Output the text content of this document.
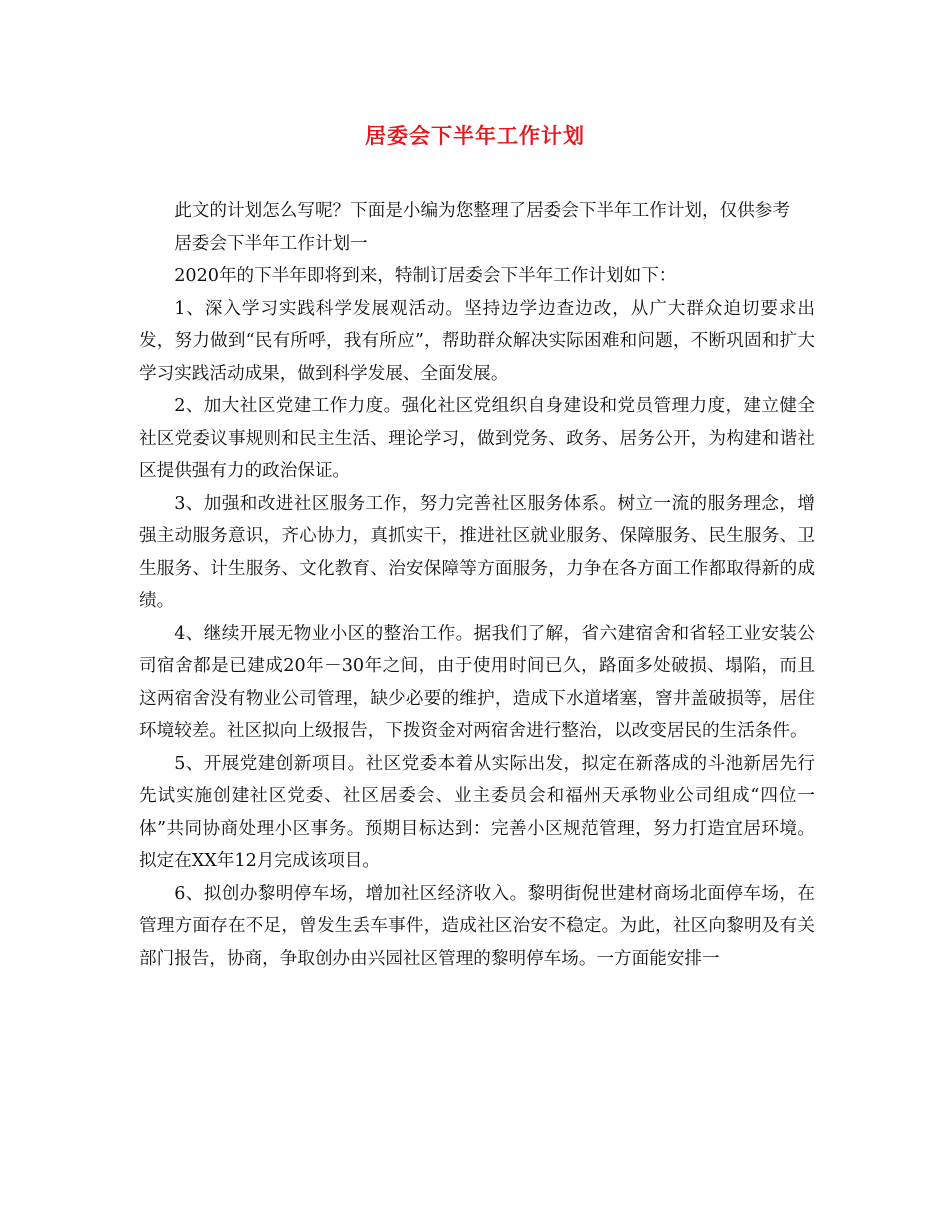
居委会下半年工作计划

此文的计划怎么写呢？下面是小编为您整理了居委会下半年工作计划，仅供参考

居委会下半年工作计划一

2020年的下半年即将到来，特制订居委会下半年工作计划如下：

1、深入学习实践科学发展观活动。坚持边学边查边改，从广大群众迫切要求出发，努力做到“民有所呼，我有所应”，帮助群众解决实际困难和问题，不断巩固和扩大学习实践活动成果，做到科学发展、全面发展。

2、加大社区党建工作力度。强化社区党组织自身建设和党员管理力度，建立健全社区党委议事规则和民主生活、理论学习，做到党务、政务、居务公开，为构建和谐社区提供强有力的政治保证。

3、加强和改进社区服务工作，努力完善社区服务体系。树立一流的服务理念，增强主动服务意识，齐心协力，真抓实干，推进社区就业服务、保障服务、民生服务、卫生服务、计生服务、文化教育、治安保障等方面服务，力争在各方面工作都取得新的成绩。

4、继续开展无物业小区的整治工作。据我们了解，省六建宿舍和省轻工业安装公司宿舍都是已建成20年－30年之间，由于使用时间已久，路面多处破损、塌陷，而且这两宿舍没有物业公司管理，缺少必要的维护，造成下水道堵塞，窨井盖破损等，居住环境较差。社区拟向上级报告，下拨资金对两宿舍进行整治，以改变居民的生活条件。

5、开展党建创新项目。社区党委本着从实际出发，拟定在新落成的斗池新居先行先试实施创建社区党委、社区居委会、业主委员会和福州天承物业公司组成“四位一体”共同协商处理小区事务。预期目标达到：完善小区规范管理，努力打造宜居环境。拟定在XX年12月完成该项目。

6、拟创办黎明停车场，增加社区经济收入。黎明街倪世建材商场北面停车场，在管理方面存在不足，曾发生丢车事件，造成社区治安不稳定。为此，社区向黎明及有关部门报告，协商，争取创办由兴园社区管理的黎明停车场。一方面能安排一
